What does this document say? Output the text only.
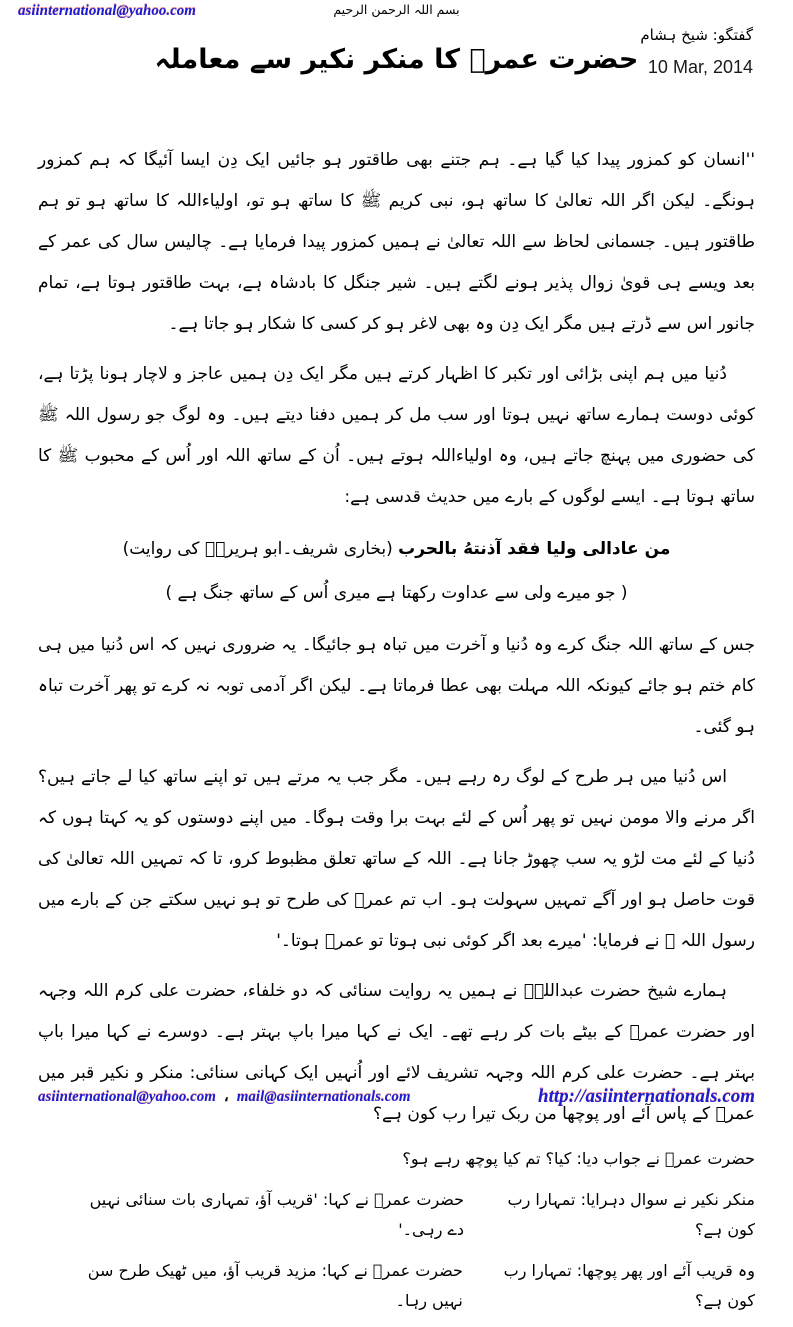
asiinternational@yahoo.com	بسم اللہ الرحمن الرحیم
گفتگو: شیخ ہشام
10 Mar, 2014
حضرت عمرؓ کا منکر نکیر سے معاملہ

''انسان کو کمزور پیدا کیا گیا ہے۔ ہم جتنے بھی طاقتور ہو جائیں ایک دِن ایسا آئیگا کہ ہم کمزور ہونگے۔ لیکن اگر اللہ تعالیٰ کا ساتھ ہو، نبی کریم ﷺ کا ساتھ ہو تو، اولیاءاللہ کا ساتھ ہو تو ہم طاقتور ہیں۔ جسمانی لحاظ سے اللہ تعالیٰ نے ہمیں کمزور پیدا فرمایا ہے۔ چالیس سال کی عمر کے بعد ویسے ہی قویٰ زوال پذیر ہونے لگتے ہیں۔ شیر جنگل کا بادشاہ ہے، بہت طاقتور ہوتا ہے، تمام جانور اس سے ڈرتے ہیں مگر ایک دِن وہ بھی لاغر ہو کر کسی کا شکار ہو جاتا ہے۔

دُنیا میں ہم اپنی بڑائی اور تکبر کا اظہار کرتے ہیں مگر ایک دِن ہمیں عاجز و لاچار ہونا پڑتا ہے، کوئی دوست ہمارے ساتھ نہیں ہوتا اور سب مل کر ہمیں دفنا دیتے ہیں۔ وہ لوگ جو رسول اللہ ﷺ کی حضوری میں پہنچ جاتے ہیں، وہ اولیاءاللہ ہوتے ہیں۔ اُن کے ساتھ اللہ اور اُس کے محبوب ﷺ کا ساتھ ہوتا ہے۔ ایسے لوگوں کے بارے میں حدیث قدسی ہے:

من عادالی ولیا فقد آذنتهُ بالحرب (بخاری شریف۔ابو ہریرہؓ کی روایت)
( جو میرے ولی سے عداوت رکھتا ہے میری اُس کے ساتھ جنگ ہے )

جس کے ساتھ اللہ جنگ کرے وہ دُنیا و آخرت میں تباہ ہو جائیگا۔ یہ ضروری نہیں کہ اس دُنیا میں ہی کام ختم ہو جائے کیونکہ اللہ مہلت بھی عطا فرماتا ہے۔ لیکن اگر آدمی توبہ نہ کرے تو پھر آخرت تباہ ہو گئی۔

اس دُنیا میں ہر طرح کے لوگ رہ رہے ہیں۔ مگر جب یہ مرتے ہیں تو اپنے ساتھ کیا لے جاتے ہیں؟ اگر مرنے والا مومن نہیں تو پھر اُس کے لئے بہت برا وقت ہوگا۔ میں اپنے دوستوں کو یہ کہتا ہوں کہ دُنیا کے لئے مت لڑو یہ سب چھوڑ جانا ہے۔ اللہ کے ساتھ تعلق مظبوط کرو، تا کہ تمہیں اللہ تعالیٰ کی قوت حاصل ہو اور آگے تمہیں سہولت ہو۔ اب تم عمرؓ کی طرح تو ہو نہیں سکتے جن کے بارے میں رسول اللہ ﷺ نے فرمایا: 'میرے بعد اگر کوئی نبی ہوتا تو عمرؓ ہوتا۔'

ہمارے شیخ حضرت عبداللہؒ نے ہمیں یہ روایت سنائی کہ دو خلفاء، حضرت علی کرم اللہ وجہہ اور حضرت عمرؓ کے بیٹے بات کر رہے تھے۔ ایک نے کہا میرا باپ بہتر ہے۔ دوسرے نے کہا میرا باپ بہتر ہے۔ حضرت علی کرم اللہ وجہہ تشریف لائے اور اُنہیں ایک کہانی سنائی: منکر و نکیر قبر میں عمرؓ کے پاس آئے اور پوچھا من ربک تیرا رب کون ہے؟

حضرت عمرؓ نے جواب دیا: کیا؟ تم کیا پوچھ رہے ہو؟
منکر نکیر نے سوال دہرایا: تمہارا رب کون ہے؟
حضرت عمرؓ نے کہا: 'قریب آؤ، تمہاری بات سنائی نہیں دے رہی۔'
وہ قریب آئے اور پھر پوچھا: تمہارا رب کون ہے؟
حضرت عمرؓ نے کہا: مزید قریب آؤ، میں ٹھیک طرح سن نہیں رہا۔
asiinternational@yahoo.com ، mail@asiinternationals.com	http://asiinternationals.com
